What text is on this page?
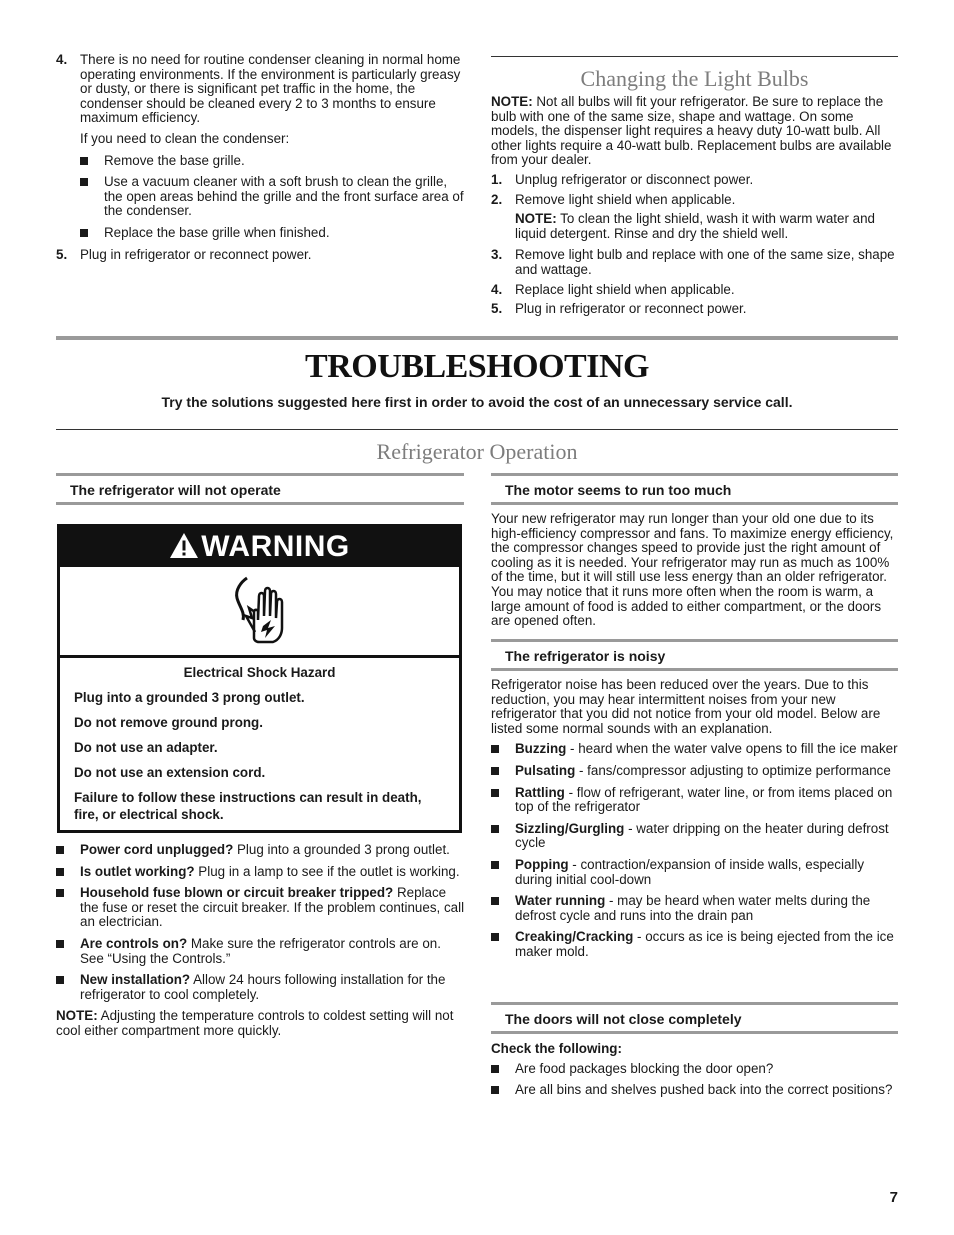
4. There is no need for routine condenser cleaning in normal home operating environments. If the environment is particularly greasy or dusty, or there is significant pet traffic in the home, the condenser should be cleaned every 2 to 3 months to ensure maximum efficiency.

If you need to clean the condenser:

Remove the base grille.

Use a vacuum cleaner with a soft brush to clean the grille, the open areas behind the grille and the front surface area of the condenser.

Replace the base grille when finished.

5. Plug in refrigerator or reconnect power.

Changing the Light Bulbs

NOTE: Not all bulbs will fit your refrigerator. Be sure to replace the bulb with one of the same size, shape and wattage. On some models, the dispenser light requires a heavy duty 10-watt bulb. All other lights require a 40-watt bulb. Replacement bulbs are available from your dealer.

1. Unplug refrigerator or disconnect power.

2. Remove light shield when applicable.

NOTE: To clean the light shield, wash it with warm water and liquid detergent. Rinse and dry the shield well.

3. Remove light bulb and replace with one of the same size, shape and wattage.

4. Replace light shield when applicable.

5. Plug in refrigerator or reconnect power.

TROUBLESHOOTING
Try the solutions suggested here first in order to avoid the cost of an unnecessary service call.
Refrigerator Operation
The refrigerator will not operate
WARNING

Electrical Shock Hazard

Plug into a grounded 3 prong outlet.

Do not remove ground prong.

Do not use an adapter.

Do not use an extension cord.

Failure to follow these instructions can result in death, fire, or electrical shock.

Power cord unplugged? Plug into a grounded 3 prong outlet.

Is outlet working? Plug in a lamp to see if the outlet is working.

Household fuse blown or circuit breaker tripped? Replace the fuse or reset the circuit breaker. If the problem continues, call an electrician.

Are controls on? Make sure the refrigerator controls are on. See “Using the Controls.”

New installation? Allow 24 hours following installation for the refrigerator to cool completely.

NOTE: Adjusting the temperature controls to coldest setting will not cool either compartment more quickly.

The motor seems to run too much

Your new refrigerator may run longer than your old one due to its high-efficiency compressor and fans. To maximize energy efficiency, the compressor changes speed to provide just the right amount of cooling as it is needed. Your refrigerator may run as much as 100% of the time, but it will still use less energy than an older refrigerator. You may notice that it runs more often when the room is warm, a large amount of food is added to either compartment, or the doors are opened often.

The refrigerator is noisy

Refrigerator noise has been reduced over the years. Due to this reduction, you may hear intermittent noises from your new refrigerator that you did not notice from your old model. Below are listed some normal sounds with an explanation.

Buzzing - heard when the water valve opens to fill the ice maker

Pulsating - fans/compressor adjusting to optimize performance

Rattling - flow of refrigerant, water line, or from items placed on top of the refrigerator

Sizzling/Gurgling - water dripping on the heater during defrost cycle

Popping - contraction/expansion of inside walls, especially during initial cool-down

Water running - may be heard when water melts during the defrost cycle and runs into the drain pan

Creaking/Cracking - occurs as ice is being ejected from the ice maker mold.

The doors will not close completely

Check the following:

Are food packages blocking the door open?

Are all bins and shelves pushed back into the correct positions?

7
